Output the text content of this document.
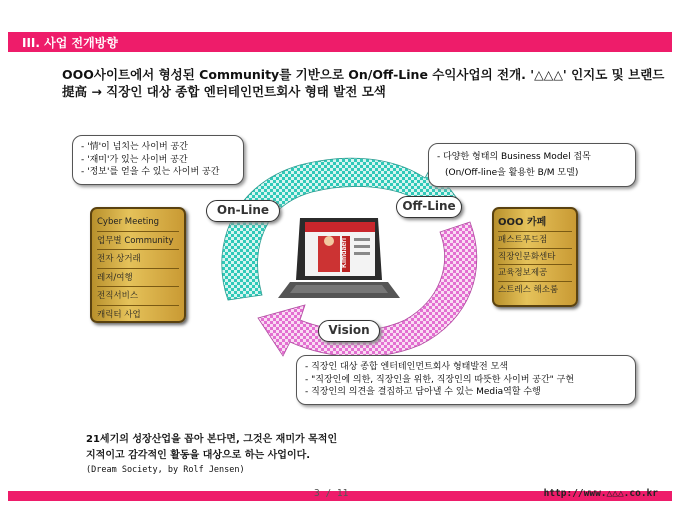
III. 사업 전개방향
OOO사이트에서 형성된 Community를 기반으로 On/Off-Line 수익사업의 전개. '△△△' 인지도 및 브랜드 提高 → 직장인 대상 종합 엔터테인먼트회사 형태 발전 모색
Kimdaeri
- '情'이 넘치는 사이버 공간
- '재미'가 있는 사이버 공간
- '정보'를 얻을 수 있는 사이버 공간
- 다양한 형태의 Business Model 접목
(On/Off-line을 활용한 B/M 모델)
Cyber Meeting
업무별 Community
전자 상거래
레저/여행
전직서비스
캐릭터 사업
OOO 카페
패스트푸드점
직장인문화센타
교육정보제공
스트레스 해소룸
On-Line	Off-Line
Vision
- 직장인 대상 종합 엔터테인먼트회사 형태발전 모색
- "직장인에 의한, 직장인을 위한, 직장인의 따뜻한 사이버 공간" 구현
- 직장인의 의견을 결집하고 담아낼 수 있는 Media역할 수행
21세기의 성장산업을 꼽아 본다면, 그것은 재미가 목적인
지적이고 감각적인 활동을 대상으로 하는 사업이다.
(Dream Society, by Rolf Jensen)
3 / 11	http://www.△△△.co.kr
